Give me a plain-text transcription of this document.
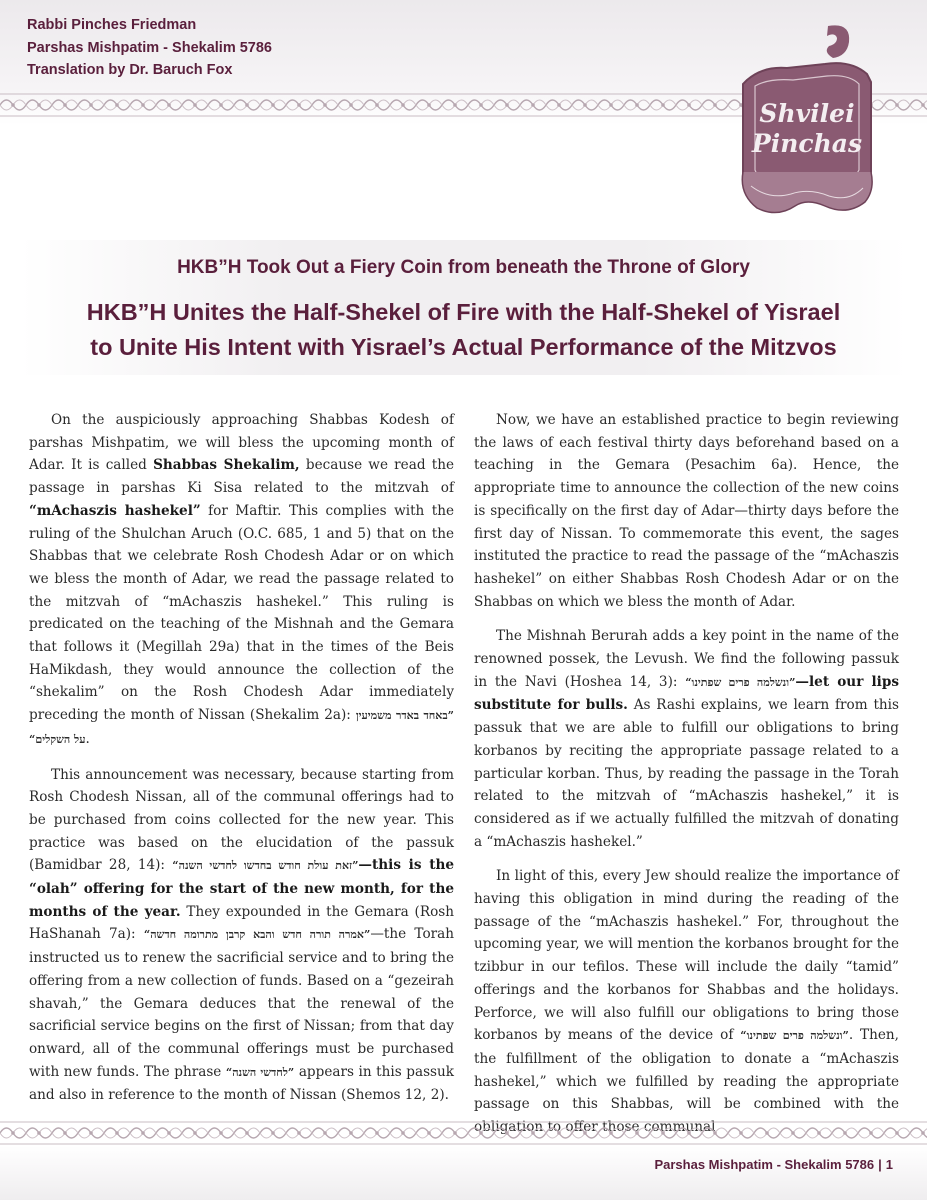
Rabbi Pinches Friedman
Parshas Mishpatim - Shekalim 5786
Translation by Dr. Baruch Fox
Shvilei
Pinchas
HKB”H Took Out a Fiery Coin from beneath the Throne of Glory
HKB”H Unites the Half-Shekel of Fire with the Half-Shekel of Yisrael
to Unite His Intent with Yisrael’s Actual Performance of the Mitzvos

On the auspiciously approaching Shabbas Kodesh of parshas Mishpatim, we will bless the upcoming month of Adar. It is called Shabbas Shekalim, because we read the passage in parshas Ki Sisa related to the mitzvah of “mAchaszis hashekel” for Maftir. This complies with the ruling of the Shulchan Aruch (O.C. 685, 1 and 5) that on the Shabbas that we celebrate Rosh Chodesh Adar or on which we bless the month of Adar, we read the passage related to the mitzvah of “mAchaszis hashekel.” This ruling is predicated on the teaching of the Mishnah and the Gemara that follows it (Megillah 29a) that in the times of the Beis HaMikdash, they would announce the collection of the “shekalim” on the Rosh Chodesh Adar immediately preceding the month of Nissan (Shekalim 2a): ”באחד באדר משמיעין על השקלים“.

This announcement was necessary, because starting from Rosh Chodesh Nissan, all of the communal offerings had to be purchased from coins collected for the new year. This practice was based on the elucidation of the passuk (Bamidbar 28, 14): ”זאת עולת חודש בחדשו לחדשי השנה“—this is the “olah” offering for the start of the new month, for the months of the year. They expounded in the Gemara (Rosh HaShanah 7a): ”אמרה תורה חדש והבא קרבן מתרומה חדשה“—the Torah instructed us to renew the sacrificial service and to bring the offering from a new collection of funds. Based on a “gezeirah shavah,” the Gemara deduces that the renewal of the sacrificial service begins on the first of Nissan; from that day onward, all of the communal offerings must be purchased with new funds. The phrase ”לחדשי השנה“ appears in this passuk and also in reference to the month of Nissan (Shemos 12, 2).

Now, we have an established practice to begin reviewing the laws of each festival thirty days beforehand based on a teaching in the Gemara (Pesachim 6a). Hence, the appropriate time to announce the collection of the new coins is specifically on the first day of Adar—thirty days before the first day of Nissan. To commemorate this event, the sages instituted the practice to read the passage of the “mAchaszis hashekel” on either Shabbas Rosh Chodesh Adar or on the Shabbas on which we bless the month of Adar.

The Mishnah Berurah adds a key point in the name of the renowned possek, the Levush. We find the following passuk in the Navi (Hoshea 14, 3): ”ונשלמה פרים שפתינו“—let our lips substitute for bulls. As Rashi explains, we learn from this passuk that we are able to fulfill our obligations to bring korbanos by reciting the appropriate passage related to a particular korban. Thus, by reading the passage in the Torah related to the mitzvah of “mAchaszis hashekel,” it is considered as if we actually fulfilled the mitzvah of donating a “mAchaszis hashekel.”

In light of this, every Jew should realize the importance of having this obligation in mind during the reading of the passage of the “mAchaszis hashekel.” For, throughout the upcoming year, we will mention the korbanos brought for the tzibbur in our tefilos. These will include the daily “tamid” offerings and the korbanos for Shabbas and the holidays. Perforce, we will also fulfill our obligations to bring those korbanos by means of the device of ”ונשלמה פרים שפתינו“. Then, the fulfillment of the obligation to donate a “mAchaszis hashekel,” which we fulfilled by reading the appropriate passage on this Shabbas, will be combined with the

Parshas Mishpatim - Shekalim 5786 | 1
